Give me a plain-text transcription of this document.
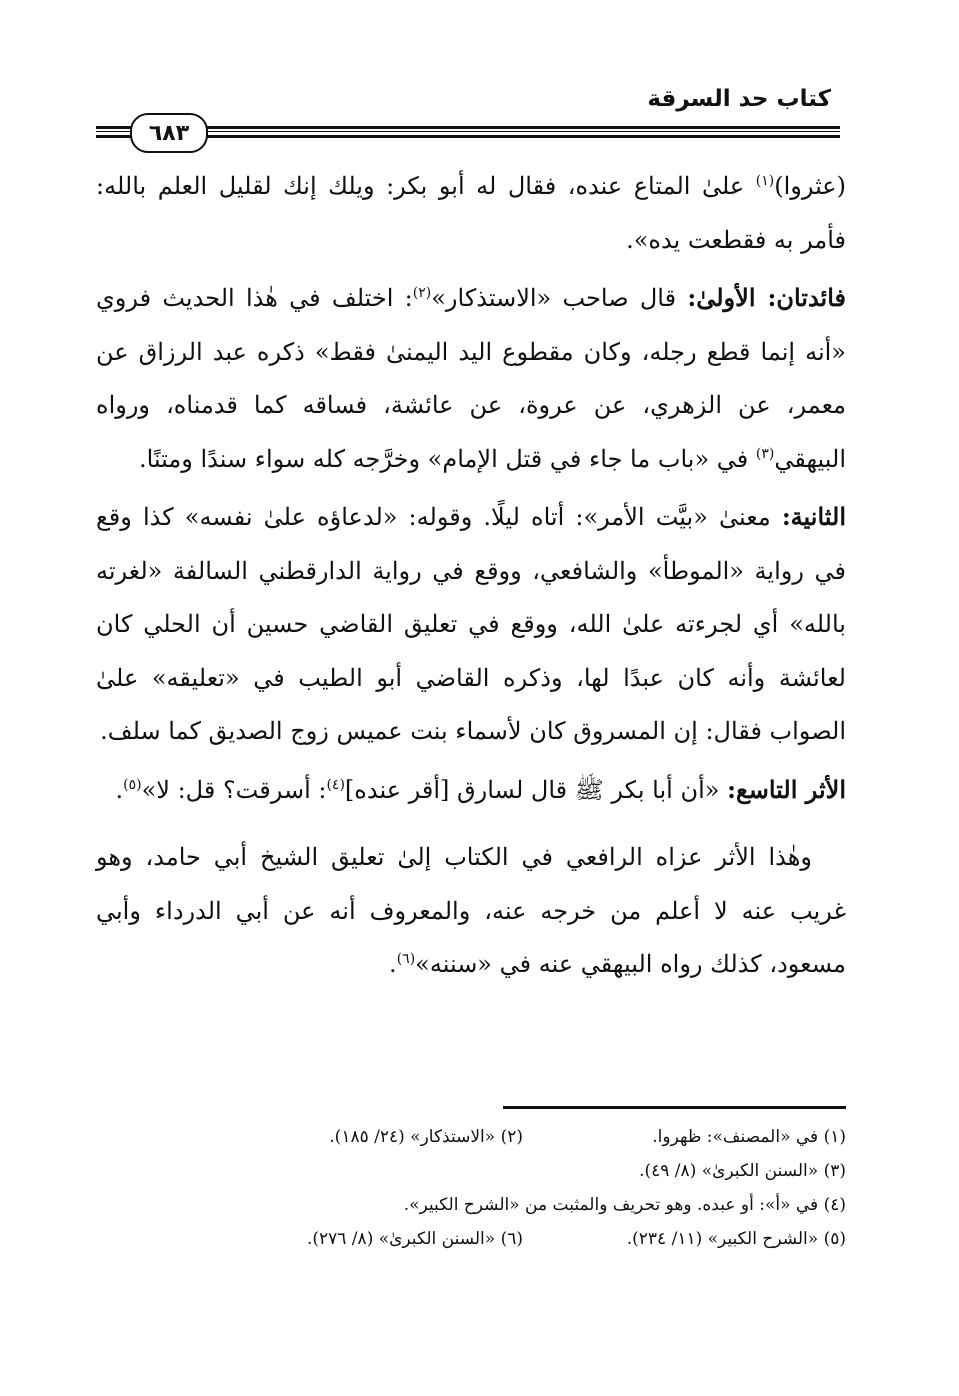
كتاب حد السرقة
٦٨٣

(عثروا)$^{(١)}$ علىٰ المتاع عنده، فقال له أبو بكر: ويلك إنك لقليل العلم بالله: فأمر به فقطعت يده».

فائدتان: الأولىٰ: قال صاحب «الاستذكار»$^{(٢)}$: اختلف في هٰذا الحديث فروي «أنه إنما قطع رجله، وكان مقطوع اليد اليمنىٰ فقط» ذكره عبد الرزاق عن معمر، عن الزهري، عن عروة، عن عائشة، فساقه كما قدمناه، ورواه البيهقي$^{(٣)}$ في «باب ما جاء في قتل الإمام» وخرَّجه كله سواء سندًا ومتنًا.

الثانية: معنىٰ «بيَّت الأمر»: أتاه ليلًا. وقوله: «لدعاؤه علىٰ نفسه» كذا وقع في رواية «الموطأ» والشافعي، ووقع في رواية الدارقطني السالفة «لغرته بالله» أي لجرءته علىٰ الله، ووقع في تعليق القاضي حسين أن الحلي كان لعائشة وأنه كان عبدًا لها، وذكره القاضي أبو الطيب في «تعليقه» علىٰ الصواب فقال: إن المسروق كان لأسماء بنت عميس زوج الصديق كما سلف.

الأثر التاسع: «أن أبا بكر ﷺ قال لسارق [أقر عنده]$^{(٤)}$: أسرقت؟ قل: لا»$^{(٥)}$.

وهٰذا الأثر عزاه الرافعي في الكتاب إلىٰ تعليق الشيخ أبي حامد، وهو غريب عنه لا أعلم من خرجه عنه، والمعروف أنه عن أبي الدرداء وأبي مسعود، كذلك رواه البيهقي عنه في «سننه»$^{(٦)}$.

(١) في «المصنف»: ظهروا.
(٢) «الاستذكار» (٢٤/ ١٨٥).
(٣) «السنن الكبرىٰ» (٨/ ٤٩).
(٤) في «أ»: أو عبده. وهو تحريف والمثبت من «الشرح الكبير».
(٥) «الشرح الكبير» (١١/ ٢٣٤).
(٦) «السنن الكبرىٰ» (٨/ ٢٧٦).
